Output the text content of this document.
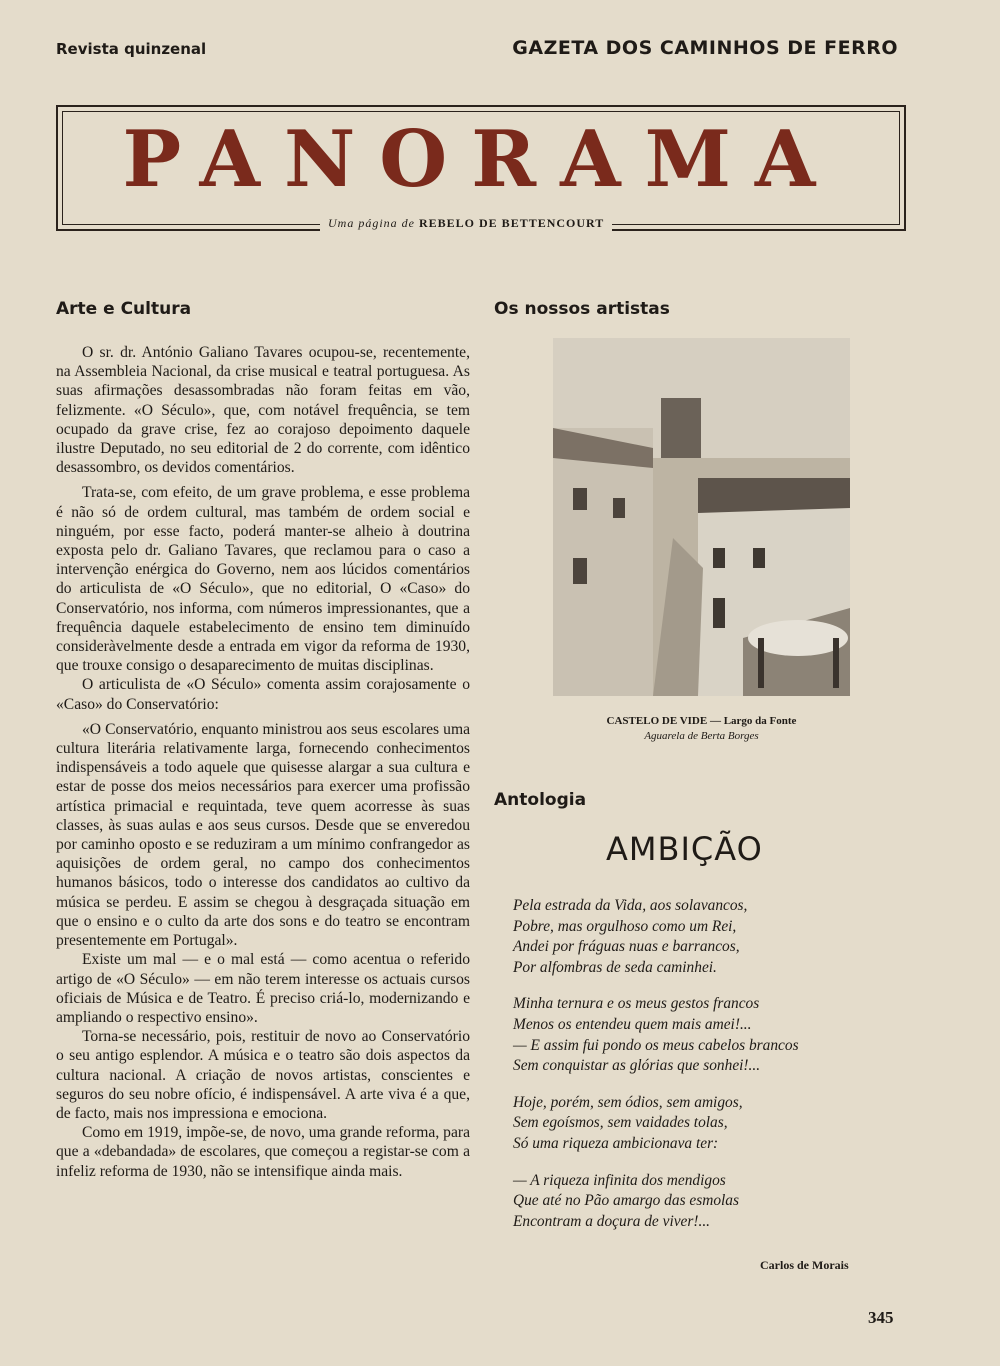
Revista quinzenal	GAZETA DOS CAMINHOS DE FERRO
PANORAMA
Uma página de REBELO DE BETTENCOURT
Arte e Cultura

O sr. dr. António Galiano Tavares ocupou-se, recentemente, na Assembleia Nacional, da crise musical e teatral portuguesa. As suas afirmações desassombradas não foram feitas em vão, felizmente. «O Século», que, com notável frequência, se tem ocupado da grave crise, fez ao corajoso depoimento daquele ilustre Deputado, no seu editorial de 2 do corrente, com idêntico desassombro, os devidos comentários.

Trata-se, com efeito, de um grave problema, e esse problema é não só de ordem cultural, mas também de ordem social e ninguém, por esse facto, poderá manter-se alheio à doutrina exposta pelo dr. Galiano Tavares, que reclamou para o caso a intervenção enérgica do Governo, nem aos lúcidos comentários do articulista de «O Século», que no editorial, O «Caso» do Conservatório, nos informa, com números impressionantes, que a frequência daquele estabelecimento de ensino tem diminuído consideràvelmente desde a entrada em vigor da reforma de 1930, que trouxe consigo o desaparecimento de muitas disciplinas.

O articulista de «O Século» comenta assim corajosamente o «Caso» do Conservatório:

«O Conservatório, enquanto ministrou aos seus escolares uma cultura literária relativamente larga, fornecendo conhecimentos indispensáveis a todo aquele que quisesse alargar a sua cultura e estar de posse dos meios necessários para exercer uma profissão artística primacial e requintada, teve quem acorresse às suas classes, às suas aulas e aos seus cursos. Desde que se enveredou por caminho oposto e se reduziram a um mínimo confrangedor as aquisições de ordem geral, no campo dos conhecimentos humanos básicos, todo o interesse dos candidatos ao cultivo da música se perdeu. E assim se chegou à desgraçada situação em que o ensino e o culto da arte dos sons e do teatro se encontram presentemente em Portugal».

Existe um mal — e o mal está — como acentua o referido artigo de «O Século» — em não terem interesse os actuais cursos oficiais de Música e de Teatro. É preciso criá-lo, modernizando e ampliando o respectivo ensino».

Torna-se necessário, pois, restituir de novo ao Conservatório o seu antigo esplendor. A música e o teatro são dois aspectos da cultura nacional. A criação de novos artistas, conscientes e seguros do seu nobre ofício, é indispensável. A arte viva é a que, de facto, mais nos impressiona e emociona.

Como em 1919, impõe-se, de novo, uma grande reforma, para que a «debandada» de escolares, que começou a registar-se com a infeliz reforma de 1930, não se intensifique ainda mais.

Os nossos artistas
CASTELO DE VIDE — Largo da Fonte
Aguarela de Berta Borges
Antologia
AMBIÇÃO
Pela estrada da Vida, aos solavancos,
Pobre, mas orgulhoso como um Rei,
Andei por fráguas nuas e barrancos,
Por alfombras de seda caminhei.
Minha ternura e os meus gestos francos
Menos os entendeu quem mais amei!...
— E assim fui pondo os meus cabelos brancos
Sem conquistar as glórias que sonhei!...
Hoje, porém, sem ódios, sem amigos,
Sem egoísmos, sem vaidades tolas,
Só uma riqueza ambicionava ter:
— A riqueza infinita dos mendigos
Que até no Pão amargo das esmolas
Encontram a doçura de viver!...
Carlos de Morais
345
